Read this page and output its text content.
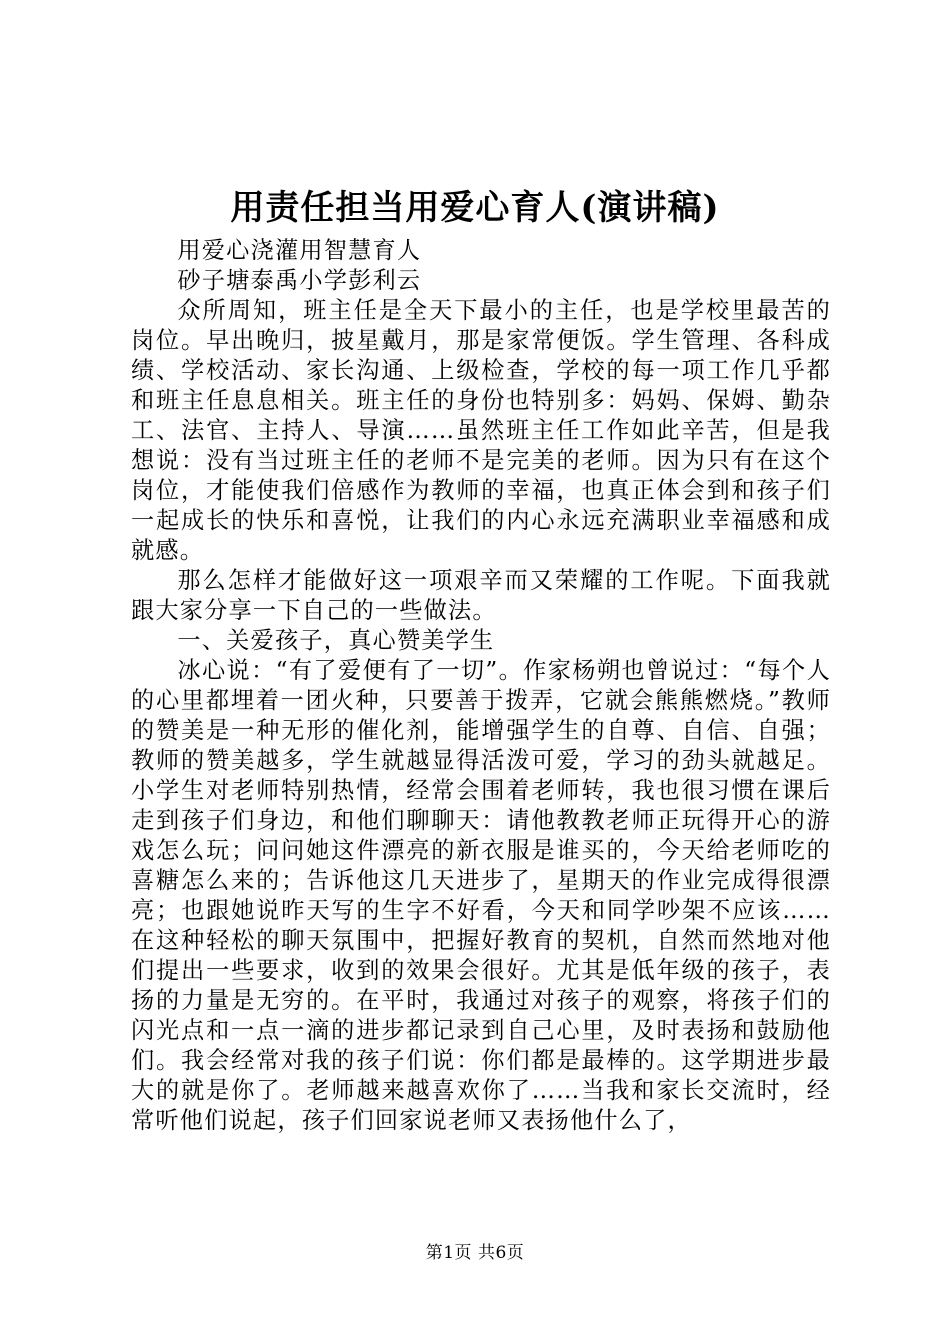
用责任担当用爱心育人(演讲稿)

用爱心浇灌用智慧育人

砂子塘泰禹小学彭利云

众所周知，班主任是全天下最小的主任，也是学校里最苦的岗位。早出晚归，披星戴月，那是家常便饭。学生管理、各科成绩、学校活动、家长沟通、上级检查，学校的每一项工作几乎都和班主任息息相关。班主任的身份也特别多：妈妈、保姆、勤杂工、法官、主持人、导演……虽然班主任工作如此辛苦，但是我想说：没有当过班主任的老师不是完美的老师。因为只有在这个岗位，才能使我们倍感作为教师的幸福，也真正体会到和孩子们一起成长的快乐和喜悦，让我们的内心永远充满职业幸福感和成就感。

那么怎样才能做好这一项艰辛而又荣耀的工作呢。下面我就跟大家分享一下自己的一些做法。

一、关爱孩子，真心赞美学生

冰心说：“有了爱便有了一切”。作家杨朔也曾说过：“每个人的心里都埋着一团火种，只要善于拨弄，它就会熊熊燃烧。”教师的赞美是一种无形的催化剂，能增强学生的自尊、自信、自强；教师的赞美越多，学生就越显得活泼可爱，学习的劲头就越足。小学生对老师特别热情，经常会围着老师转，我也很习惯在课后走到孩子们身边，和他们聊聊天：请他教教老师正玩得开心的游戏怎么玩；问问她这件漂亮的新衣服是谁买的，今天给老师吃的喜糖怎么来的；告诉他这几天进步了，星期天的作业完成得很漂亮；也跟她说昨天写的生字不好看，今天和同学吵架不应该……在这种轻松的聊天氛围中，把握好教育的契机，自然而然地对他们提出一些要求，收到的效果会很好。尤其是低年级的孩子，表扬的力量是无穷的。在平时，我通过对孩子的观察，将孩子们的闪光点和一点一滴的进步都记录到自己心里，及时表扬和鼓励他们。我会经常对我的孩子们说：你们都是最棒的。这学期进步最大的就是你了。老师越来越喜欢你了……当我和家长交流时，经常听他们说起，孩子们回家说老师又表扬他什么了，

第1页 共6页
